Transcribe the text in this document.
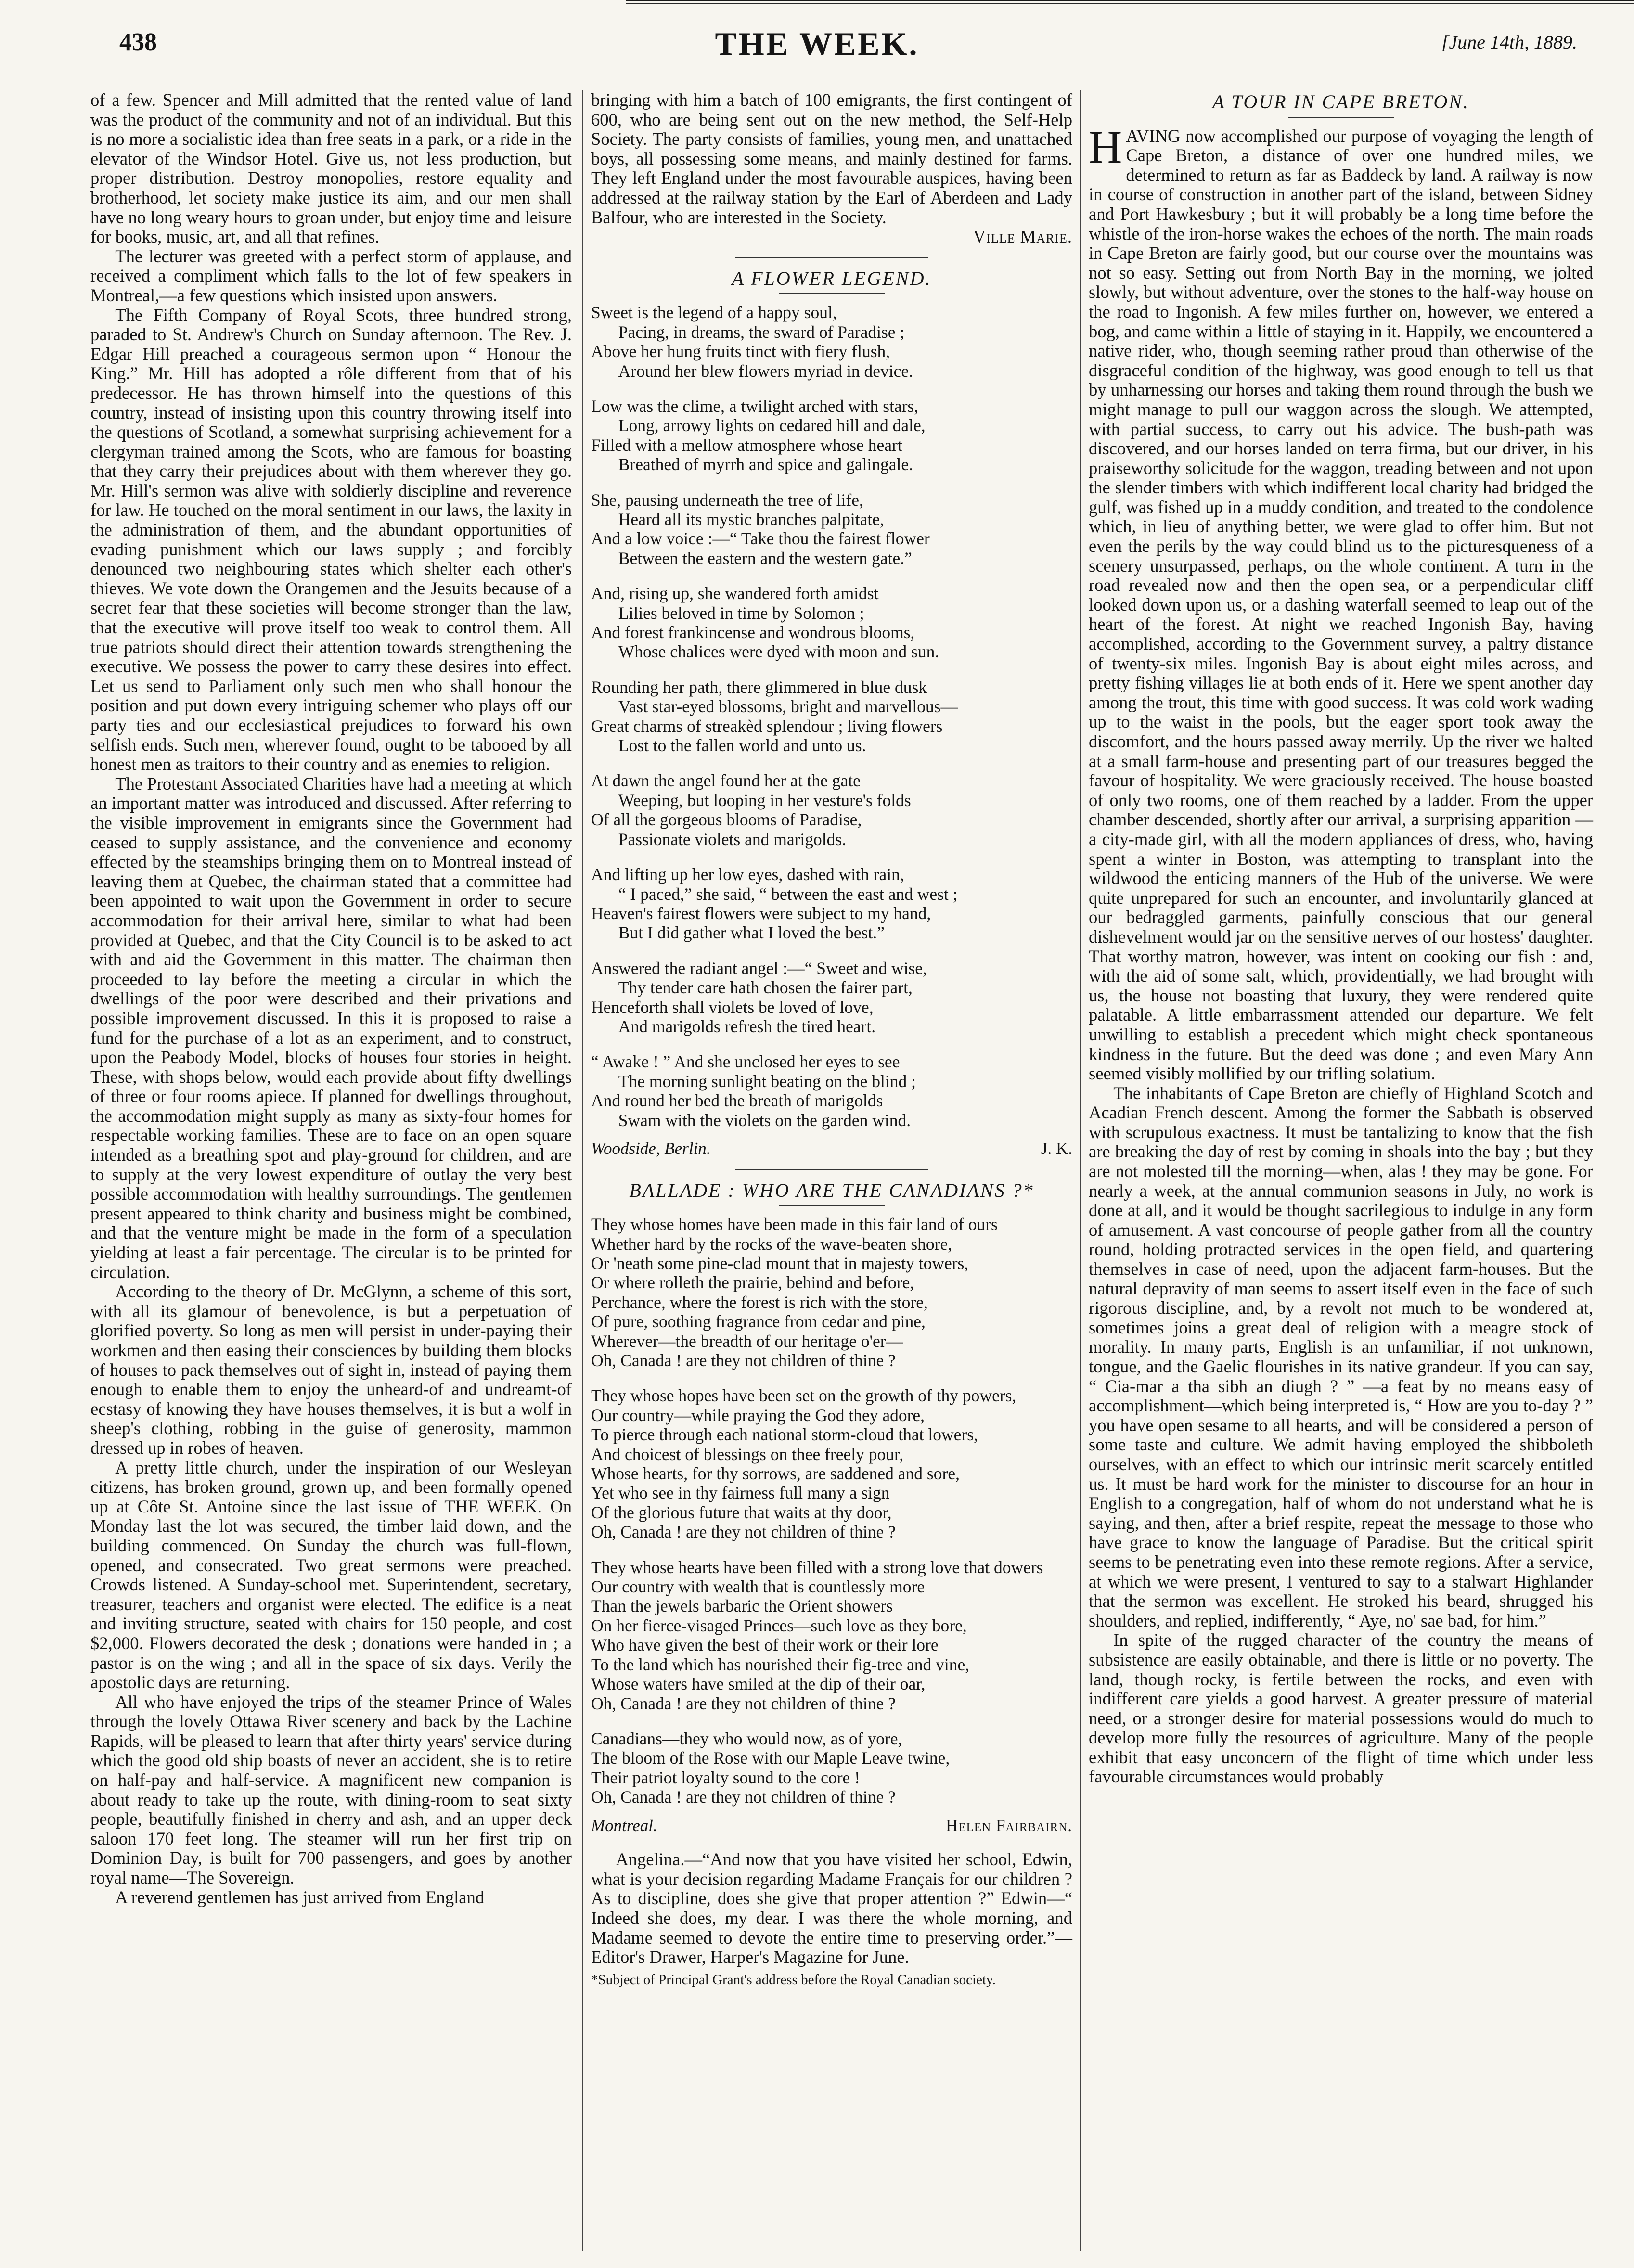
438	THE WEEK.	[June 14th, 1889.

of a few. Spencer and Mill admitted that the rented value of land was the product of the community and not of an individual. But this is no more a socialistic idea than free seats in a park, or a ride in the elevator of the Windsor Hotel. Give us, not less production, but proper distribution. Destroy monopolies, restore equality and brotherhood, let society make justice its aim, and our men shall have no long weary hours to groan under, but enjoy time and leisure for books, music, art, and all that refines.

The lecturer was greeted with a perfect storm of applause, and received a compliment which falls to the lot of few speakers in Montreal,—a few questions which insisted upon answers.

The Fifth Company of Royal Scots, three hundred strong, paraded to St. Andrew's Church on Sunday afternoon. The Rev. J. Edgar Hill preached a courageous sermon upon “ Honour the King.” Mr. Hill has adopted a rôle different from that of his predecessor. He has thrown himself into the questions of this country, instead of insisting upon this country throwing itself into the questions of Scotland, a somewhat surprising achievement for a clergyman trained among the Scots, who are famous for boasting that they carry their prejudices about with them wherever they go. Mr. Hill's sermon was alive with soldierly discipline and reverence for law. He touched on the moral sentiment in our laws, the laxity in the administration of them, and the abundant opportunities of evading punishment which our laws supply ; and forcibly denounced two neighbouring states which shelter each other's thieves. We vote down the Orangemen and the Jesuits because of a secret fear that these societies will become stronger than the law, that the executive will prove itself too weak to control them. All true patriots should direct their attention towards strengthening the executive. We possess the power to carry these desires into effect. Let us send to Parliament only such men who shall honour the position and put down every intriguing schemer who plays off our party ties and our ecclesiastical prejudices to forward his own selfish ends. Such men, wherever found, ought to be tabooed by all honest men as traitors to their country and as enemies to religion.

The Protestant Associated Charities have had a meeting at which an important matter was introduced and discussed. After referring to the visible improvement in emigrants since the Government had ceased to supply assistance, and the convenience and economy effected by the steamships bringing them on to Montreal instead of leaving them at Quebec, the chairman stated that a committee had been appointed to wait upon the Government in order to secure accommodation for their arrival here, similar to what had been provided at Quebec, and that the City Council is to be asked to act with and aid the Government in this matter. The chairman then proceeded to lay before the meeting a circular in which the dwellings of the poor were described and their privations and possible improvement discussed. In this it is proposed to raise a fund for the purchase of a lot as an experiment, and to construct, upon the Peabody Model, blocks of houses four stories in height. These, with shops below, would each provide about fifty dwellings of three or four rooms apiece. If planned for dwellings throughout, the accommodation might supply as many as sixty-four homes for respectable working families. These are to face on an open square intended as a breathing spot and play-ground for children, and are to supply at the very lowest expenditure of outlay the very best possible accommodation with healthy surroundings. The gentlemen present appeared to think charity and business might be combined, and that the venture might be made in the form of a speculation yielding at least a fair percentage. The circular is to be printed for circulation.

According to the theory of Dr. McGlynn, a scheme of this sort, with all its glamour of benevolence, is but a perpetuation of glorified poverty. So long as men will persist in under-paying their workmen and then easing their consciences by building them blocks of houses to pack themselves out of sight in, instead of paying them enough to enable them to enjoy the unheard-of and undreamt-of ecstasy of knowing they have houses themselves, it is but a wolf in sheep's clothing, robbing in the guise of generosity, mammon dressed up in robes of heaven.

A pretty little church, under the inspiration of our Wesleyan citizens, has broken ground, grown up, and been formally opened up at Côte St. Antoine since the last issue of THE WEEK. On Monday last the lot was secured, the timber laid down, and the building commenced. On Sunday the church was full-flown, opened, and consecrated. Two great sermons were preached. Crowds listened. A Sunday-school met. Superintendent, secretary, treasurer, teachers and organist were elected. The edifice is a neat and inviting structure, seated with chairs for 150 people, and cost $2,000. Flowers decorated the desk ; donations were handed in ; a pastor is on the wing ; and all in the space of six days. Verily the apostolic days are returning.

All who have enjoyed the trips of the steamer Prince of Wales through the lovely Ottawa River scenery and back by the Lachine Rapids, will be pleased to learn that after thirty years' service during which the good old ship boasts of never an accident, she is to retire on half-pay and half-service. A magnificent new companion is about ready to take up the route, with dining-room to seat sixty people, beautifully finished in cherry and ash, and an upper deck saloon 170 feet long. The steamer will run her first trip on Dominion Day, is built for 700 passengers, and goes by another royal name—The Sovereign.

A reverend gentlemen has just arrived from England

bringing with him a batch of 100 emigrants, the first contingent of 600, who are being sent out on the new method, the Self-Help Society. The party consists of families, young men, and unattached boys, all possessing some means, and mainly destined for farms. They left England under the most favourable auspices, having been addressed at the railway station by the Earl of Aberdeen and Lady Balfour, who are interested in the Society.

Ville Marie.
A FLOWER LEGEND.
Sweet is the legend of a happy soul,
Pacing, in dreams, the sward of Paradise ;
Above her hung fruits tinct with fiery flush,
Around her blew flowers myriad in device.
Low was the clime, a twilight arched with stars,
Long, arrowy lights on cedared hill and dale,
Filled with a mellow atmosphere whose heart
Breathed of myrrh and spice and galingale.
She, pausing underneath the tree of life,
Heard all its mystic branches palpitate,
And a low voice :—“ Take thou the fairest flower
Between the eastern and the western gate.”
And, rising up, she wandered forth amidst
Lilies beloved in time by Solomon ;
And forest frankincense and wondrous blooms,
Whose chalices were dyed with moon and sun.
Rounding her path, there glimmered in blue dusk
Vast star-eyed blossoms, bright and marvellous—
Great charms of streakèd splendour ; living flowers
Lost to the fallen world and unto us.
At dawn the angel found her at the gate
Weeping, but looping in her vesture's folds
Of all the gorgeous blooms of Paradise,
Passionate violets and marigolds.
And lifting up her low eyes, dashed with rain,
“ I paced,” she said, “ between the east and west ;
Heaven's fairest flowers were subject to my hand,
But I did gather what I loved the best.”
Answered the radiant angel :—“ Sweet and wise,
Thy tender care hath chosen the fairer part,
Henceforth shall violets be loved of love,
And marigolds refresh the tired heart.
“ Awake ! ” And she unclosed her eyes to see
The morning sunlight beating on the blind ;
And round her bed the breath of marigolds
Swam with the violets on the garden wind.
Woodside, Berlin.	J. K.
BALLADE : WHO ARE THE CANADIANS ?*
They whose homes have been made in this fair land of ours
Whether hard by the rocks of the wave-beaten shore,
Or 'neath some pine-clad mount that in majesty towers,
Or where rolleth the prairie, behind and before,
Perchance, where the forest is rich with the store,
Of pure, soothing fragrance from cedar and pine,
Wherever—the breadth of our heritage o'er—
Oh, Canada ! are they not children of thine ?
They whose hopes have been set on the growth of thy powers,
Our country—while praying the God they adore,
To pierce through each national storm-cloud that lowers,
And choicest of blessings on thee freely pour,
Whose hearts, for thy sorrows, are saddened and sore,
Yet who see in thy fairness full many a sign
Of the glorious future that waits at thy door,
Oh, Canada ! are they not children of thine ?
They whose hearts have been filled with a strong love that dowers
Our country with wealth that is countlessly more
Than the jewels barbaric the Orient showers
On her fierce-visaged Princes—such love as they bore,
Who have given the best of their work or their lore
To the land which has nourished their fig-tree and vine,
Whose waters have smiled at the dip of their oar,
Oh, Canada ! are they not children of thine ?
Canadians—they who would now, as of yore,
The bloom of the Rose with our Maple Leave twine,
Their patriot loyalty sound to the core !
Oh, Canada ! are they not children of thine ?
Montreal.	Helen Fairbairn.

Angelina.—“And now that you have visited her school, Edwin, what is your decision regarding Madame Français for our children ? As to discipline, does she give that proper attention ?” Edwin—“ Indeed she does, my dear. I was there the whole morning, and Madame seemed to devote the entire time to preserving order.”—Editor's Drawer, Harper's Magazine for June.

*Subject of Principal Grant's address before the Royal Canadian society.
A TOUR IN CAPE BRETON.

HAVING now accomplished our purpose of voyaging the length of Cape Breton, a distance of over one hundred miles, we determined to return as far as Baddeck by land. A railway is now in course of construction in another part of the island, between Sidney and Port Hawkesbury ; but it will probably be a long time before the whistle of the iron-horse wakes the echoes of the north. The main roads in Cape Breton are fairly good, but our course over the mountains was not so easy. Setting out from North Bay in the morning, we jolted slowly, but without adventure, over the stones to the half-way house on the road to Ingonish. A few miles further on, however, we entered a bog, and came within a little of staying in it. Happily, we encountered a native rider, who, though seeming rather proud than otherwise of the disgraceful condition of the highway, was good enough to tell us that by unharnessing our horses and taking them round through the bush we might manage to pull our waggon across the slough. We attempted, with partial success, to carry out his advice. The bush-path was discovered, and our horses landed on terra firma, but our driver, in his praiseworthy solicitude for the waggon, treading between and not upon the slender timbers with which indifferent local charity had bridged the gulf, was fished up in a muddy condition, and treated to the condolence which, in lieu of anything better, we were glad to offer him. But not even the perils by the way could blind us to the picturesqueness of a scenery unsurpassed, perhaps, on the whole continent. A turn in the road revealed now and then the open sea, or a perpendicular cliff looked down upon us, or a dashing waterfall seemed to leap out of the heart of the forest. At night we reached Ingonish Bay, having accomplished, according to the Government survey, a paltry distance of twenty-six miles. Ingonish Bay is about eight miles across, and pretty fishing villages lie at both ends of it. Here we spent another day among the trout, this time with good success. It was cold work wading up to the waist in the pools, but the eager sport took away the discomfort, and the hours passed away merrily. Up the river we halted at a small farm-house and presenting part of our treasures begged the favour of hospitality. We were graciously received. The house boasted of only two rooms, one of them reached by a ladder. From the upper chamber descended, shortly after our arrival, a surprising apparition —a city-made girl, with all the modern appliances of dress, who, having spent a winter in Boston, was attempting to transplant into the wildwood the enticing manners of the Hub of the universe. We were quite unprepared for such an encounter, and involuntarily glanced at our bedraggled garments, painfully conscious that our general dishevelment would jar on the sensitive nerves of our hostess' daughter. That worthy matron, however, was intent on cooking our fish : and, with the aid of some salt, which, providentially, we had brought with us, the house not boasting that luxury, they were rendered quite palatable. A little embarrassment attended our departure. We felt unwilling to establish a precedent which might check spontaneous kindness in the future. But the deed was done ; and even Mary Ann seemed visibly mollified by our trifling solatium.

The inhabitants of Cape Breton are chiefly of Highland Scotch and Acadian French descent. Among the former the Sabbath is observed with scrupulous exactness. It must be tantalizing to know that the fish are breaking the day of rest by coming in shoals into the bay ; but they are not molested till the morning—when, alas ! they may be gone. For nearly a week, at the annual communion seasons in July, no work is done at all, and it would be thought sacrilegious to indulge in any form of amusement. A vast concourse of people gather from all the country round, holding protracted services in the open field, and quartering themselves in case of need, upon the adjacent farm-houses. But the natural depravity of man seems to assert itself even in the face of such rigorous discipline, and, by a revolt not much to be wondered at, sometimes joins a great deal of religion with a meagre stock of morality. In many parts, English is an unfamiliar, if not unknown, tongue, and the Gaelic flourishes in its native grandeur. If you can say, “ Cia-mar a tha sibh an diugh ? ” —a feat by no means easy of accomplishment—which being interpreted is, “ How are you to-day ? ” you have open sesame to all hearts, and will be considered a person of some taste and culture. We admit having employed the shibboleth ourselves, with an effect to which our intrinsic merit scarcely entitled us. It must be hard work for the minister to discourse for an hour in English to a congregation, half of whom do not understand what he is saying, and then, after a brief respite, repeat the message to those who have grace to know the language of Paradise. But the critical spirit seems to be penetrating even into these remote regions. After a service, at which we were present, I ventured to say to a stalwart Highlander that the sermon was excellent. He stroked his beard, shrugged his shoulders, and replied, indifferently, “ Aye, no' sae bad, for him.”

In spite of the rugged character of the country the means of subsistence are easily obtainable, and there is little or no poverty. The land, though rocky, is fertile between the rocks, and even with indifferent care yields a good harvest. A greater pressure of material need, or a stronger desire for material possessions would do much to develop more fully the resources of agriculture. Many of the people exhibit that easy unconcern of the flight of time which under less favourable circumstances would probably
